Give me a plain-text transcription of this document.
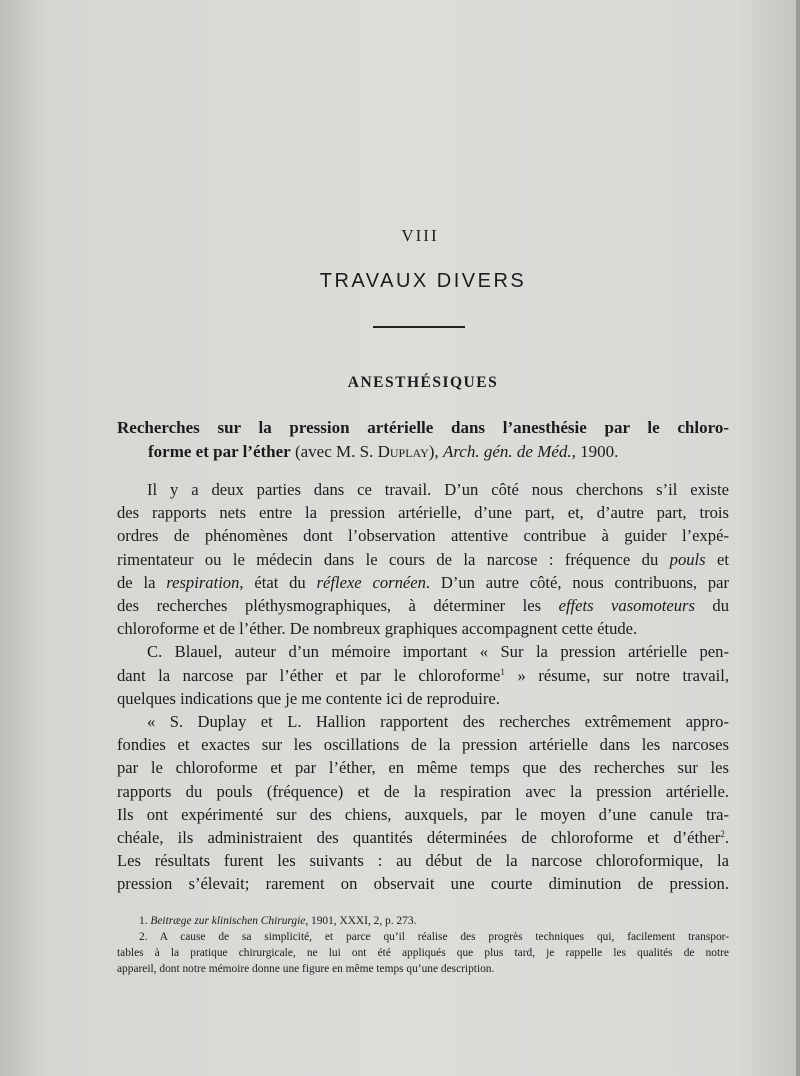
VIII
TRAVAUX DIVERS
ANESTHÉSIQUES
Recherches sur la pression artérielle dans l’anesthésie par le chloro-
forme et par l’éther (avec M. S. Duplay), Arch. gén. de Méd., 1900.
Il y a deux parties dans ce travail. D’un côté nous cherchons s’il existe
des rapports nets entre la pression artérielle, d’une part, et, d’autre part, trois
ordres de phénomènes dont l’observation attentive contribue à guider l’expé-
rimentateur ou le médecin dans le cours de la narcose : fréquence du pouls et
de la respiration, état du réflexe cornéen. D’un autre côté, nous contribuons, par
des recherches pléthysmographiques, à déterminer les effets vasomoteurs du
chloroforme et de l’éther. De nombreux graphiques accompagnent cette étude.
C. Blauel, auteur d’un mémoire important « Sur la pression artérielle pen-
dant la narcose par l’éther et par le chloroforme$^1$ » résume, sur notre travail,
quelques indications que je me contente ici de reproduire.
« S. Duplay et L. Hallion rapportent des recherches extrêmement appro-
fondies et exactes sur les oscillations de la pression artérielle dans les narcoses
par le chloroforme et par l’éther, en même temps que des recherches sur les
rapports du pouls (fréquence) et de la respiration avec la pression artérielle.
Ils ont expérimenté sur des chiens, auxquels, par le moyen d’une canule tra-
chéale, ils administraient des quantités déterminées de chloroforme et d’éther$^2$.
Les résultats furent les suivants : au début de la narcose chloroformique, la
pression s’élevait; rarement on observait une courte diminution de pression.
1. Beitræge zur klinischen Chirurgie, 1901, XXXI, 2, p. 273.
2. A cause de sa simplicité, et parce qu’il réalise des progrès techniques qui, facilement transpor-
tables à la pratique chirurgicale, ne lui ont été appliqués que plus tard, je rappelle les qualités de notre
appareil, dont notre mémoire donne une figure en même temps qu’une description.
